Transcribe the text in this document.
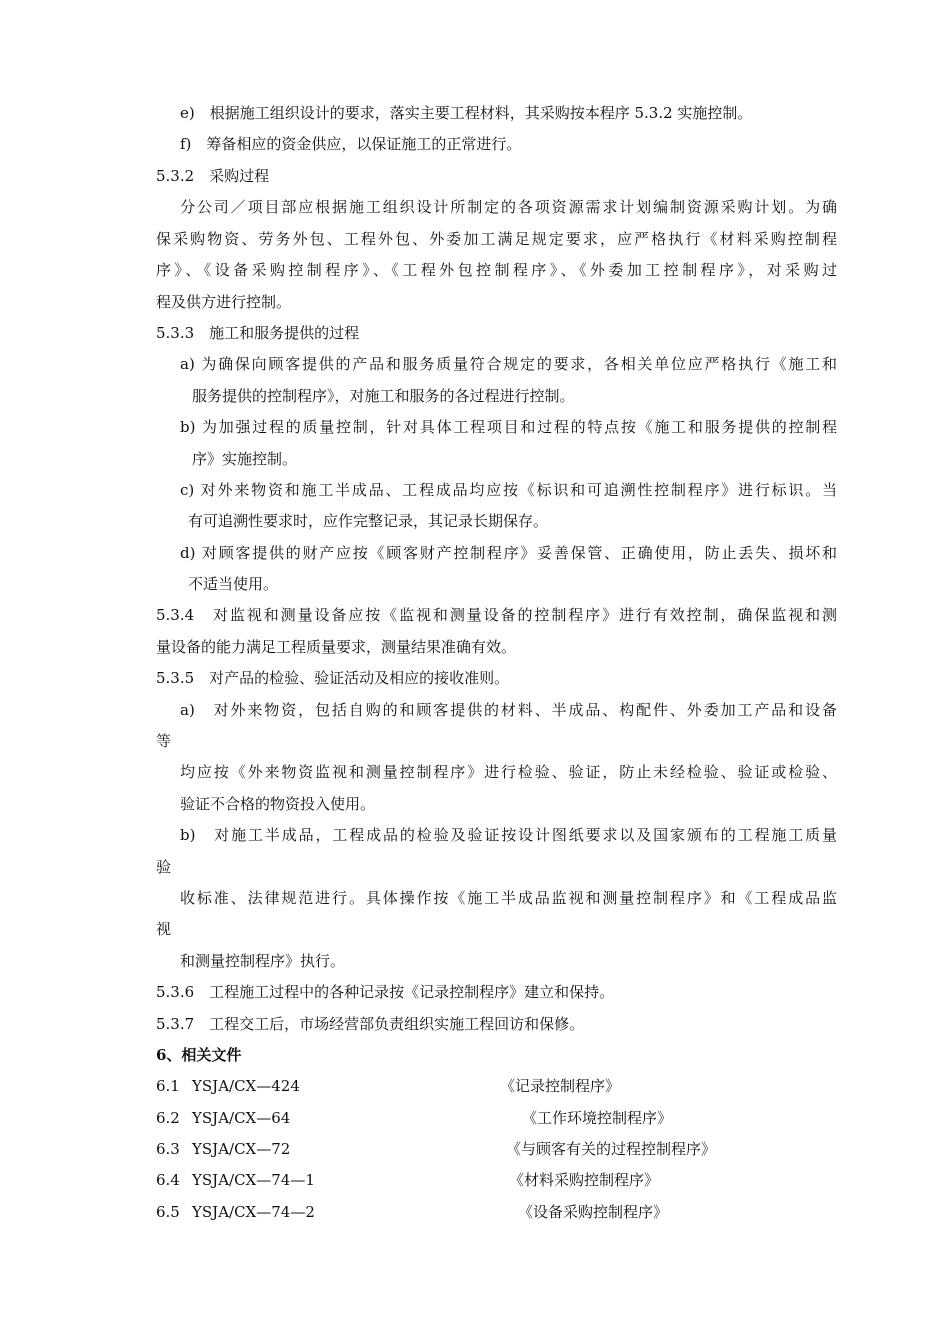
e)　根据施工组织设计的要求，落实主要工程材料，其采购按本程序 5.3.2 实施控制。
f)　筹备相应的资金供应，以保证施工的正常进行。
5.3.2　采购过程
分公司／项目部应根据施工组织设计所制定的各项资源需求计划编制资源采购计划。为确
保采购物资、劳务外包、工程外包、外委加工满足规定要求，应严格执行《材料采购控制程
序》、《设备采购控制程序》、《工程外包控制程序》、《外委加工控制程序》，对采购过
程及供方进行控制。
5.3.3　施工和服务提供的过程
a) 为确保向顾客提供的产品和服务质量符合规定的要求，各相关单位应严格执行《施工和
服务提供的控制程序》，对施工和服务的各过程进行控制。
b) 为加强过程的质量控制，针对具体工程项目和过程的特点按《施工和服务提供的控制程
序》实施控制。
c) 对外来物资和施工半成品、工程成品均应按《标识和可追溯性控制程序》进行标识。当
有可追溯性要求时，应作完整记录，其记录长期保存。
d) 对顾客提供的财产应按《顾客财产控制程序》妥善保管、正确使用，防止丢失、损坏和
不适当使用。
5.3.4　对监视和测量设备应按《监视和测量设备的控制程序》进行有效控制，确保监视和测
量设备的能力满足工程质量要求，测量结果准确有效。
5.3.5　对产品的检验、验证活动及相应的接收准则。
a)　对外来物资，包括自购的和顾客提供的材料、半成品、构配件、外委加工产品和设备
等
均应按《外来物资监视和测量控制程序》进行检验、验证，防止未经检验、验证或检验、
验证不合格的物资投入使用。
b)　对施工半成品，工程成品的检验及验证按设计图纸要求以及国家颁布的工程施工质量
验
收标准、法律规范进行。具体操作按《施工半成品监视和测量控制程序》和《工程成品监
视
和测量控制程序》执行。
5.3.6　工程施工过程中的各种记录按《记录控制程序》建立和保持。
5.3.7　工程交工后，市场经营部负责组织实施工程回访和保修。
6、相关文件
6.1 YSJA/CX—424	《记录控制程序》
6.2 YSJA/CX—64	《工作环境控制程序》
6.3 YSJA/CX—72	《与顾客有关的过程控制程序》
6.4 YSJA/CX—74—1	《材料采购控制程序》
6.5 YSJA/CX—74—2	《设备采购控制程序》
